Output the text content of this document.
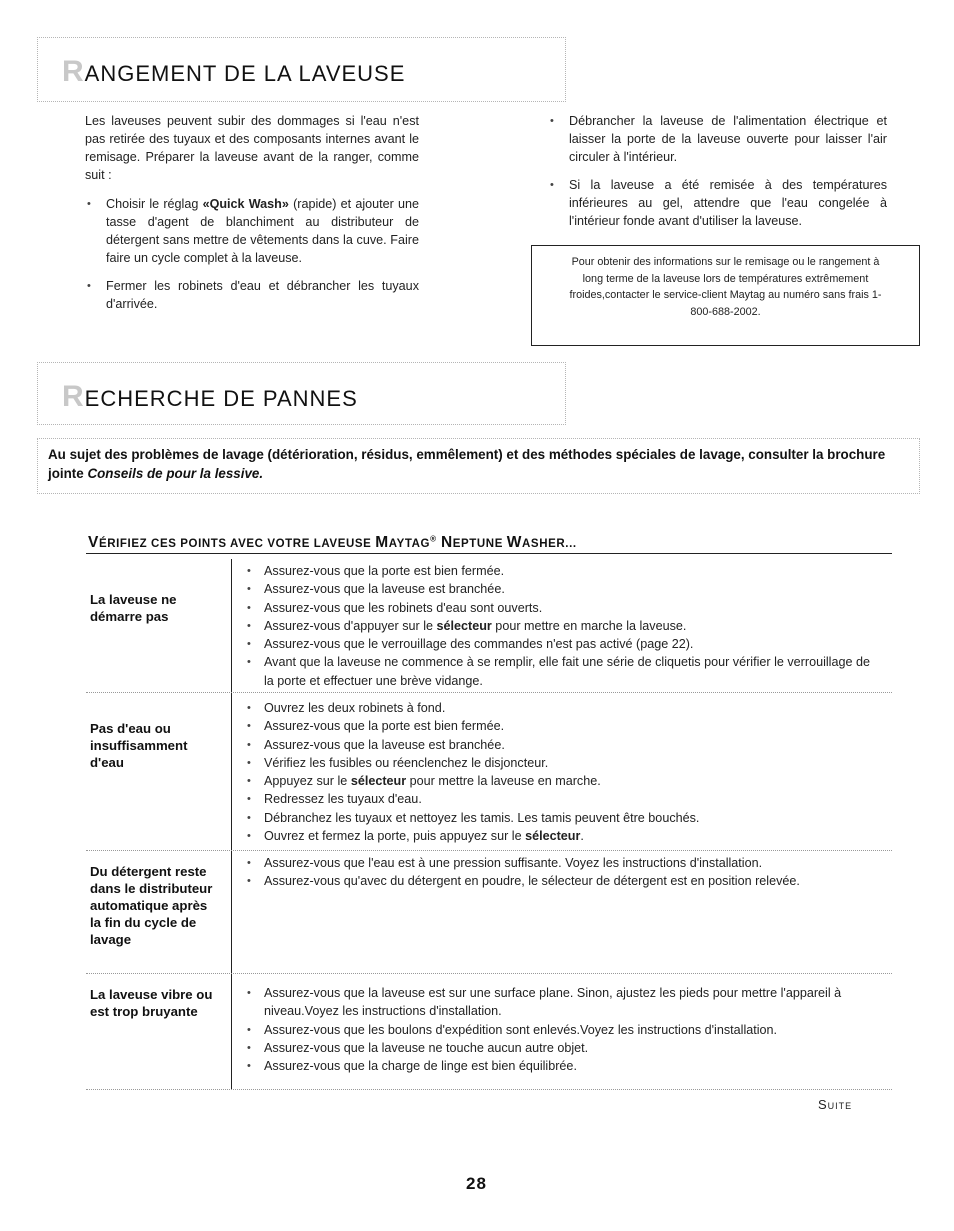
RANGEMENT DE LA LAVEUSE

Les laveuses peuvent subir des dommages si l'eau n'est pas retirée des tuyaux et des composants internes avant le remisage. Préparer la laveuse avant de la ranger, comme suit :

• Choisir le réglag «Quick Wash» (rapide) et ajouter une tasse d'agent de blanchiment au distributeur de détergent sans mettre de vêtements dans la cuve. Faire faire un cycle complet à la laveuse.
• Fermer les robinets d'eau et débrancher les tuyaux d'arrivée.
• Débrancher la laveuse de l'alimentation électrique et laisser la porte de la laveuse ouverte pour laisser l'air circuler à l'intérieur.
• Si la laveuse a été remisée à des températures inférieures au gel, attendre que l'eau congelée à l'intérieur fonde avant d'utiliser la laveuse.
Pour obtenir des informations sur le remisage ou le rangement à long terme de la laveuse lors de températures extrêmement froides,contacter le service-client Maytag au numéro sans frais 1-800-688-2002.
RECHERCHE DE PANNES
Au sujet des problèmes de lavage (détérioration, résidus, emmêlement) et des méthodes spéciales de lavage, consulter la brochure jointe Conseils de pour la lessive.
VÉRIFIEZ CES POINTS AVEC VOTRE LAVEUSE MAYTAG® NEPTUNE WASHER...
La laveuse ne démarre pas
• Assurez-vous que la porte est bien fermée.
• Assurez-vous que la laveuse est branchée.
• Assurez-vous que les robinets d'eau sont ouverts.
• Assurez-vous d'appuyer sur le sélecteur pour mettre en marche la laveuse.
• Assurez-vous que le verrouillage des commandes n'est pas activé (page 22).
• Avant que la laveuse ne commence à se remplir, elle fait une série de cliquetis pour vérifier le verrouillage de la porte et effectuer une brève vidange.
Pas d'eau ou insuffisamment d'eau
• Ouvrez les deux robinets à fond.
• Assurez-vous que la porte est bien fermée.
• Assurez-vous que la laveuse est branchée.
• Vérifiez les fusibles ou réenclenchez le disjoncteur.
• Appuyez sur le sélecteur pour mettre la laveuse en marche.
• Redressez les tuyaux d'eau.
• Débranchez les tuyaux et nettoyez les tamis. Les tamis peuvent être bouchés.
• Ouvrez et fermez la porte, puis appuyez sur le sélecteur.
Du détergent reste dans le distributeur automatique après la fin du cycle de lavage
• Assurez-vous que l'eau est à une pression suffisante. Voyez les instructions d'installation.
• Assurez-vous qu'avec du détergent en poudre, le sélecteur de détergent est en position relevée.
La laveuse vibre ou est trop bruyante
• Assurez-vous que la laveuse est sur une surface plane. Sinon, ajustez les pieds pour mettre l'appareil à niveau.Voyez les instructions d'installation.
• Assurez-vous que les boulons d'expédition sont enlevés.Voyez les instructions d'installation.
• Assurez-vous que la laveuse ne touche aucun autre objet.
• Assurez-vous que la charge de linge est bien équilibrée.
Suite
28
